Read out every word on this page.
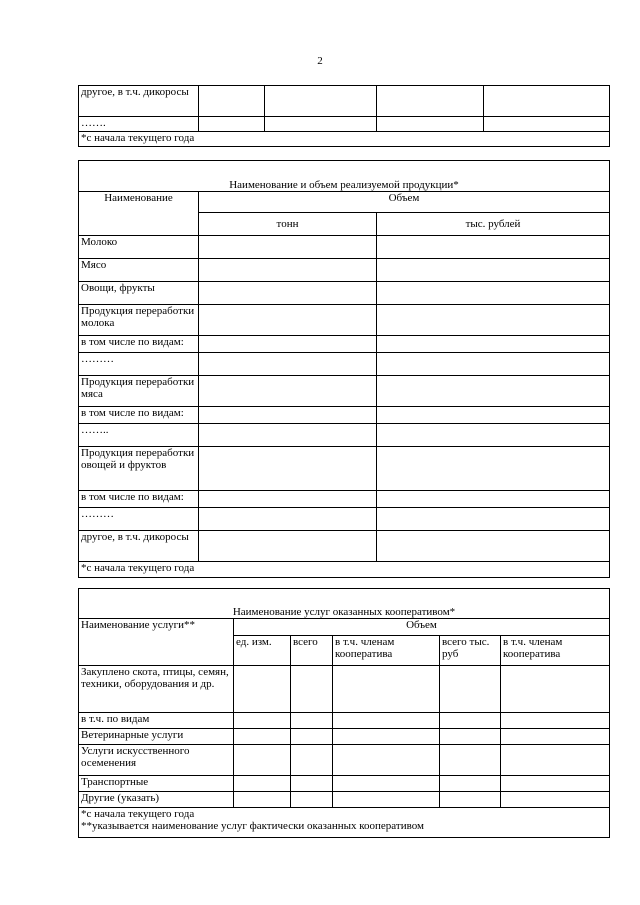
2
другое, в т.ч. дикоросы				
…….				
*с начала текущего года				
Наименование и объем реализуемой продукции*		
Наименование	Объем	
	тонн	тыс. рублей
Молоко		
Мясо		
Овощи, фрукты		
Продукция переработки молока		
в том числе по видам:		
………		
Продукция переработки мяса		
в том числе по видам:		
……..		
Продукция переработки овощей и фруктов		
в том числе по видам:		
………		
другое, в т.ч. дикоросы		
*с начала текущего года		
Наименование услуг оказанных кооперативом*					
Наименование услуги**	Объем				
	ед. изм.	всего	в т.ч. членам кооператива	всего тыс. руб	в т.ч. членам кооператива
Закуплено скота, птицы, семян, техники, оборудования и др.					
в т.ч. по видам					
Ветеринарные услуги					
Услуги искусственного осеменения					
Транспортные					
Другие (указать)					

*с начала текущего года
**указывается наименование услуг фактически оказанных кооперативом					
